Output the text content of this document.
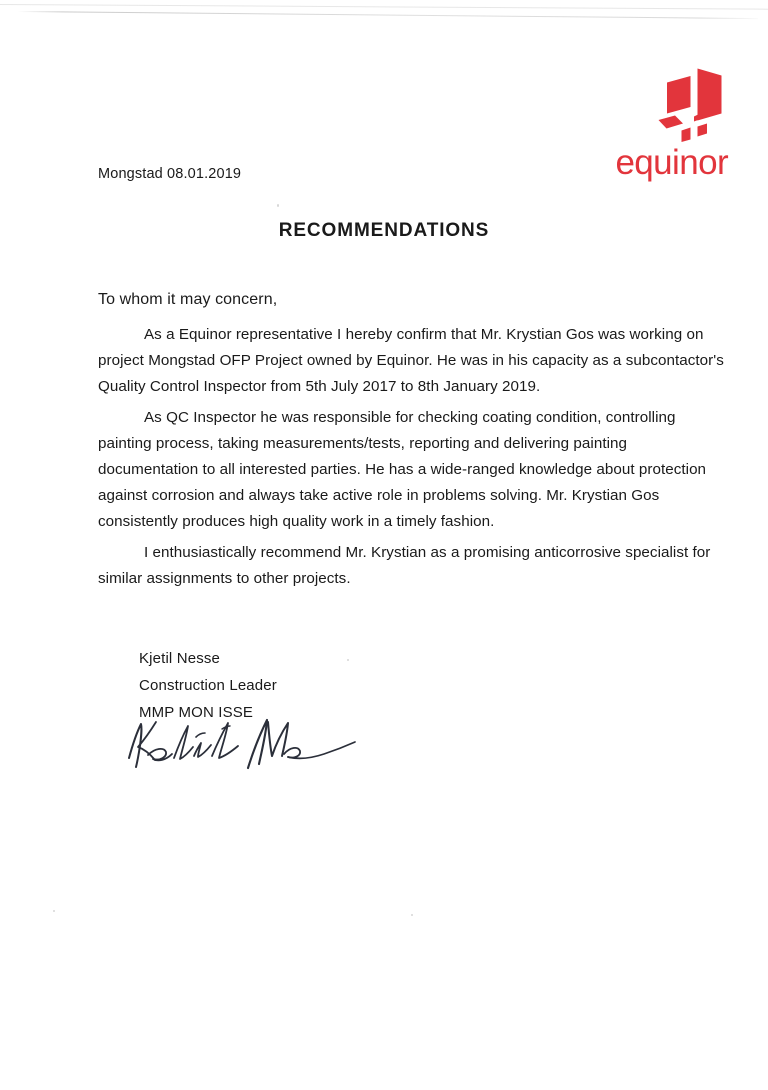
equinor
Mongstad 08.01.2019
RECOMMENDATIONS
To whom it may concern,

As a Equinor representative I hereby confirm that Mr. Krystian Gos was working on project Mongstad OFP Project owned by Equinor. He was in his capacity as a subcontactor's Quality Control Inspector from 5th July 2017 to 8th January 2019.

As QC Inspector he was responsible for checking coating condition, controlling painting process, taking measurements/tests, reporting and delivering painting documentation to all interested parties. He has a wide-ranged knowledge about protection against corrosion and always take active role in problems solving. Mr. Krystian Gos consistently produces high quality work in a timely fashion.

I enthusiastically recommend Mr. Krystian as a promising anticorrosive specialist for similar assignments to other projects.

Kjetil Nesse
Construction Leader
MMP MON ISSE
